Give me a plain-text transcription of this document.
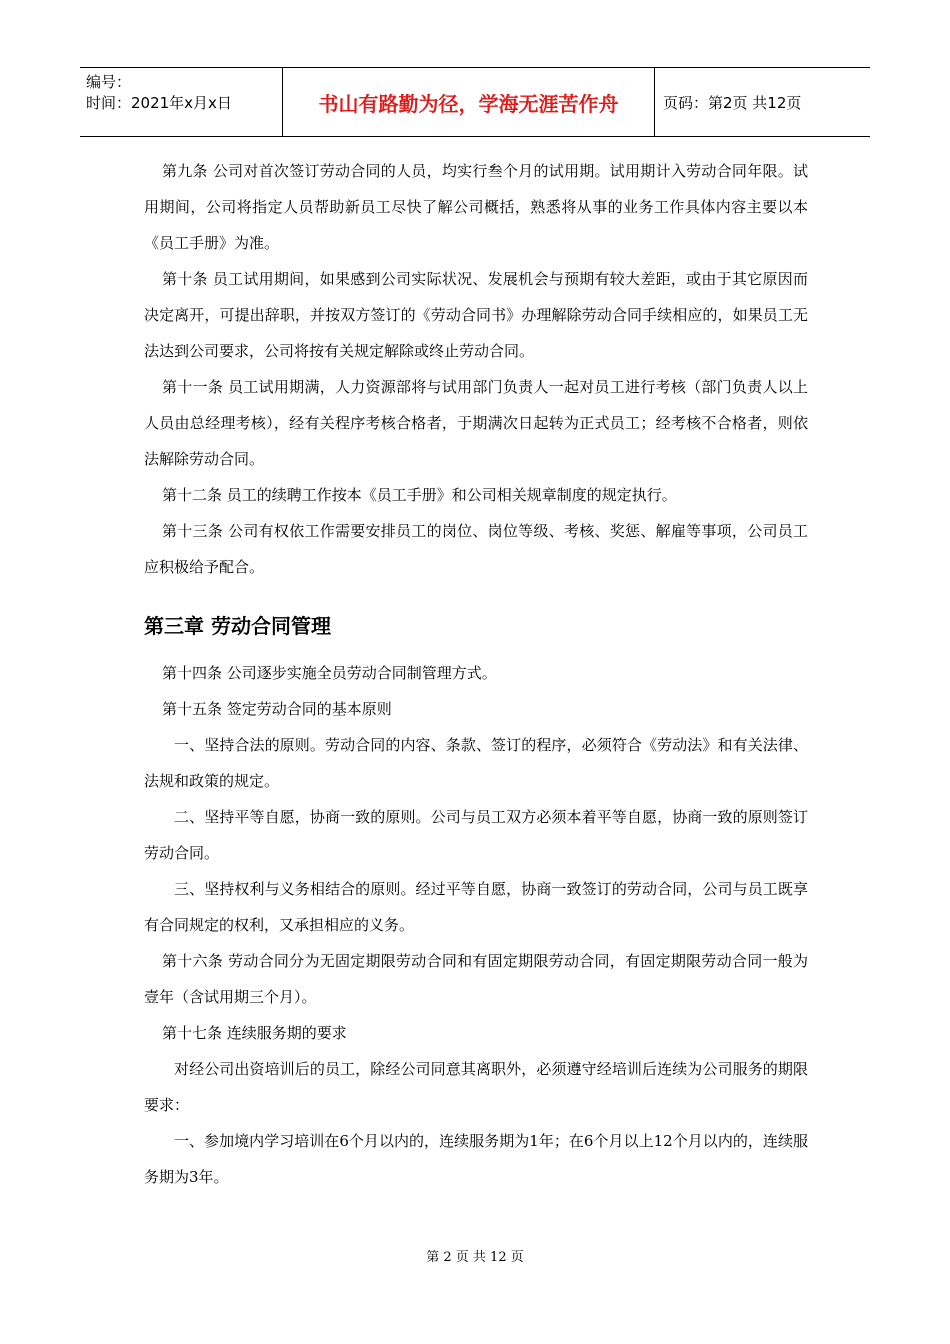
编号：
时间：2021年x月x日	书山有路勤为径，学海无涯苦作舟	页码：第2页 共12页

第九条 公司对首次签订劳动合同的人员，均实行叁个月的试用期。试用期计入劳动合同年限。试用期间，公司将指定人员帮助新员工尽快了解公司概括，熟悉将从事的业务工作具体内容主要以本《员工手册》为准。

第十条 员工试用期间，如果感到公司实际状况、发展机会与预期有较大差距，或由于其它原因而决定离开，可提出辞职，并按双方签订的《劳动合同书》办理解除劳动合同手续相应的，如果员工无法达到公司要求，公司将按有关规定解除或终止劳动合同。

第十一条 员工试用期满，人力资源部将与试用部门负责人一起对员工进行考核（部门负责人以上人员由总经理考核），经有关程序考核合格者，于期满次日起转为正式员工；经考核不合格者，则依法解除劳动合同。

第十二条 员工的续聘工作按本《员工手册》和公司相关规章制度的规定执行。

第十三条 公司有权依工作需要安排员工的岗位、岗位等级、考核、奖惩、解雇等事项，公司员工应积极给予配合。

第三章 劳动合同管理

第十四条 公司逐步实施全员劳动合同制管理方式。

第十五条 签定劳动合同的基本原则

一、坚持合法的原则。劳动合同的内容、条款、签订的程序，必须符合《劳动法》和有关法律、法规和政策的规定。

二、坚持平等自愿，协商一致的原则。公司与员工双方必须本着平等自愿，协商一致的原则签订劳动合同。

三、坚持权利与义务相结合的原则。经过平等自愿，协商一致签订的劳动合同，公司与员工既享有合同规定的权利，又承担相应的义务。

第十六条 劳动合同分为无固定期限劳动合同和有固定期限劳动合同，有固定期限劳动合同一般为壹年（含试用期三个月）。

第十七条 连续服务期的要求

对经公司出资培训后的员工，除经公司同意其离职外，必须遵守经培训后连续为公司服务的期限要求：

一、参加境内学习培训在6个月以内的，连续服务期为1年；在6个月以上12个月以内的，连续服务期为3年。

第 2 页 共 12 页
